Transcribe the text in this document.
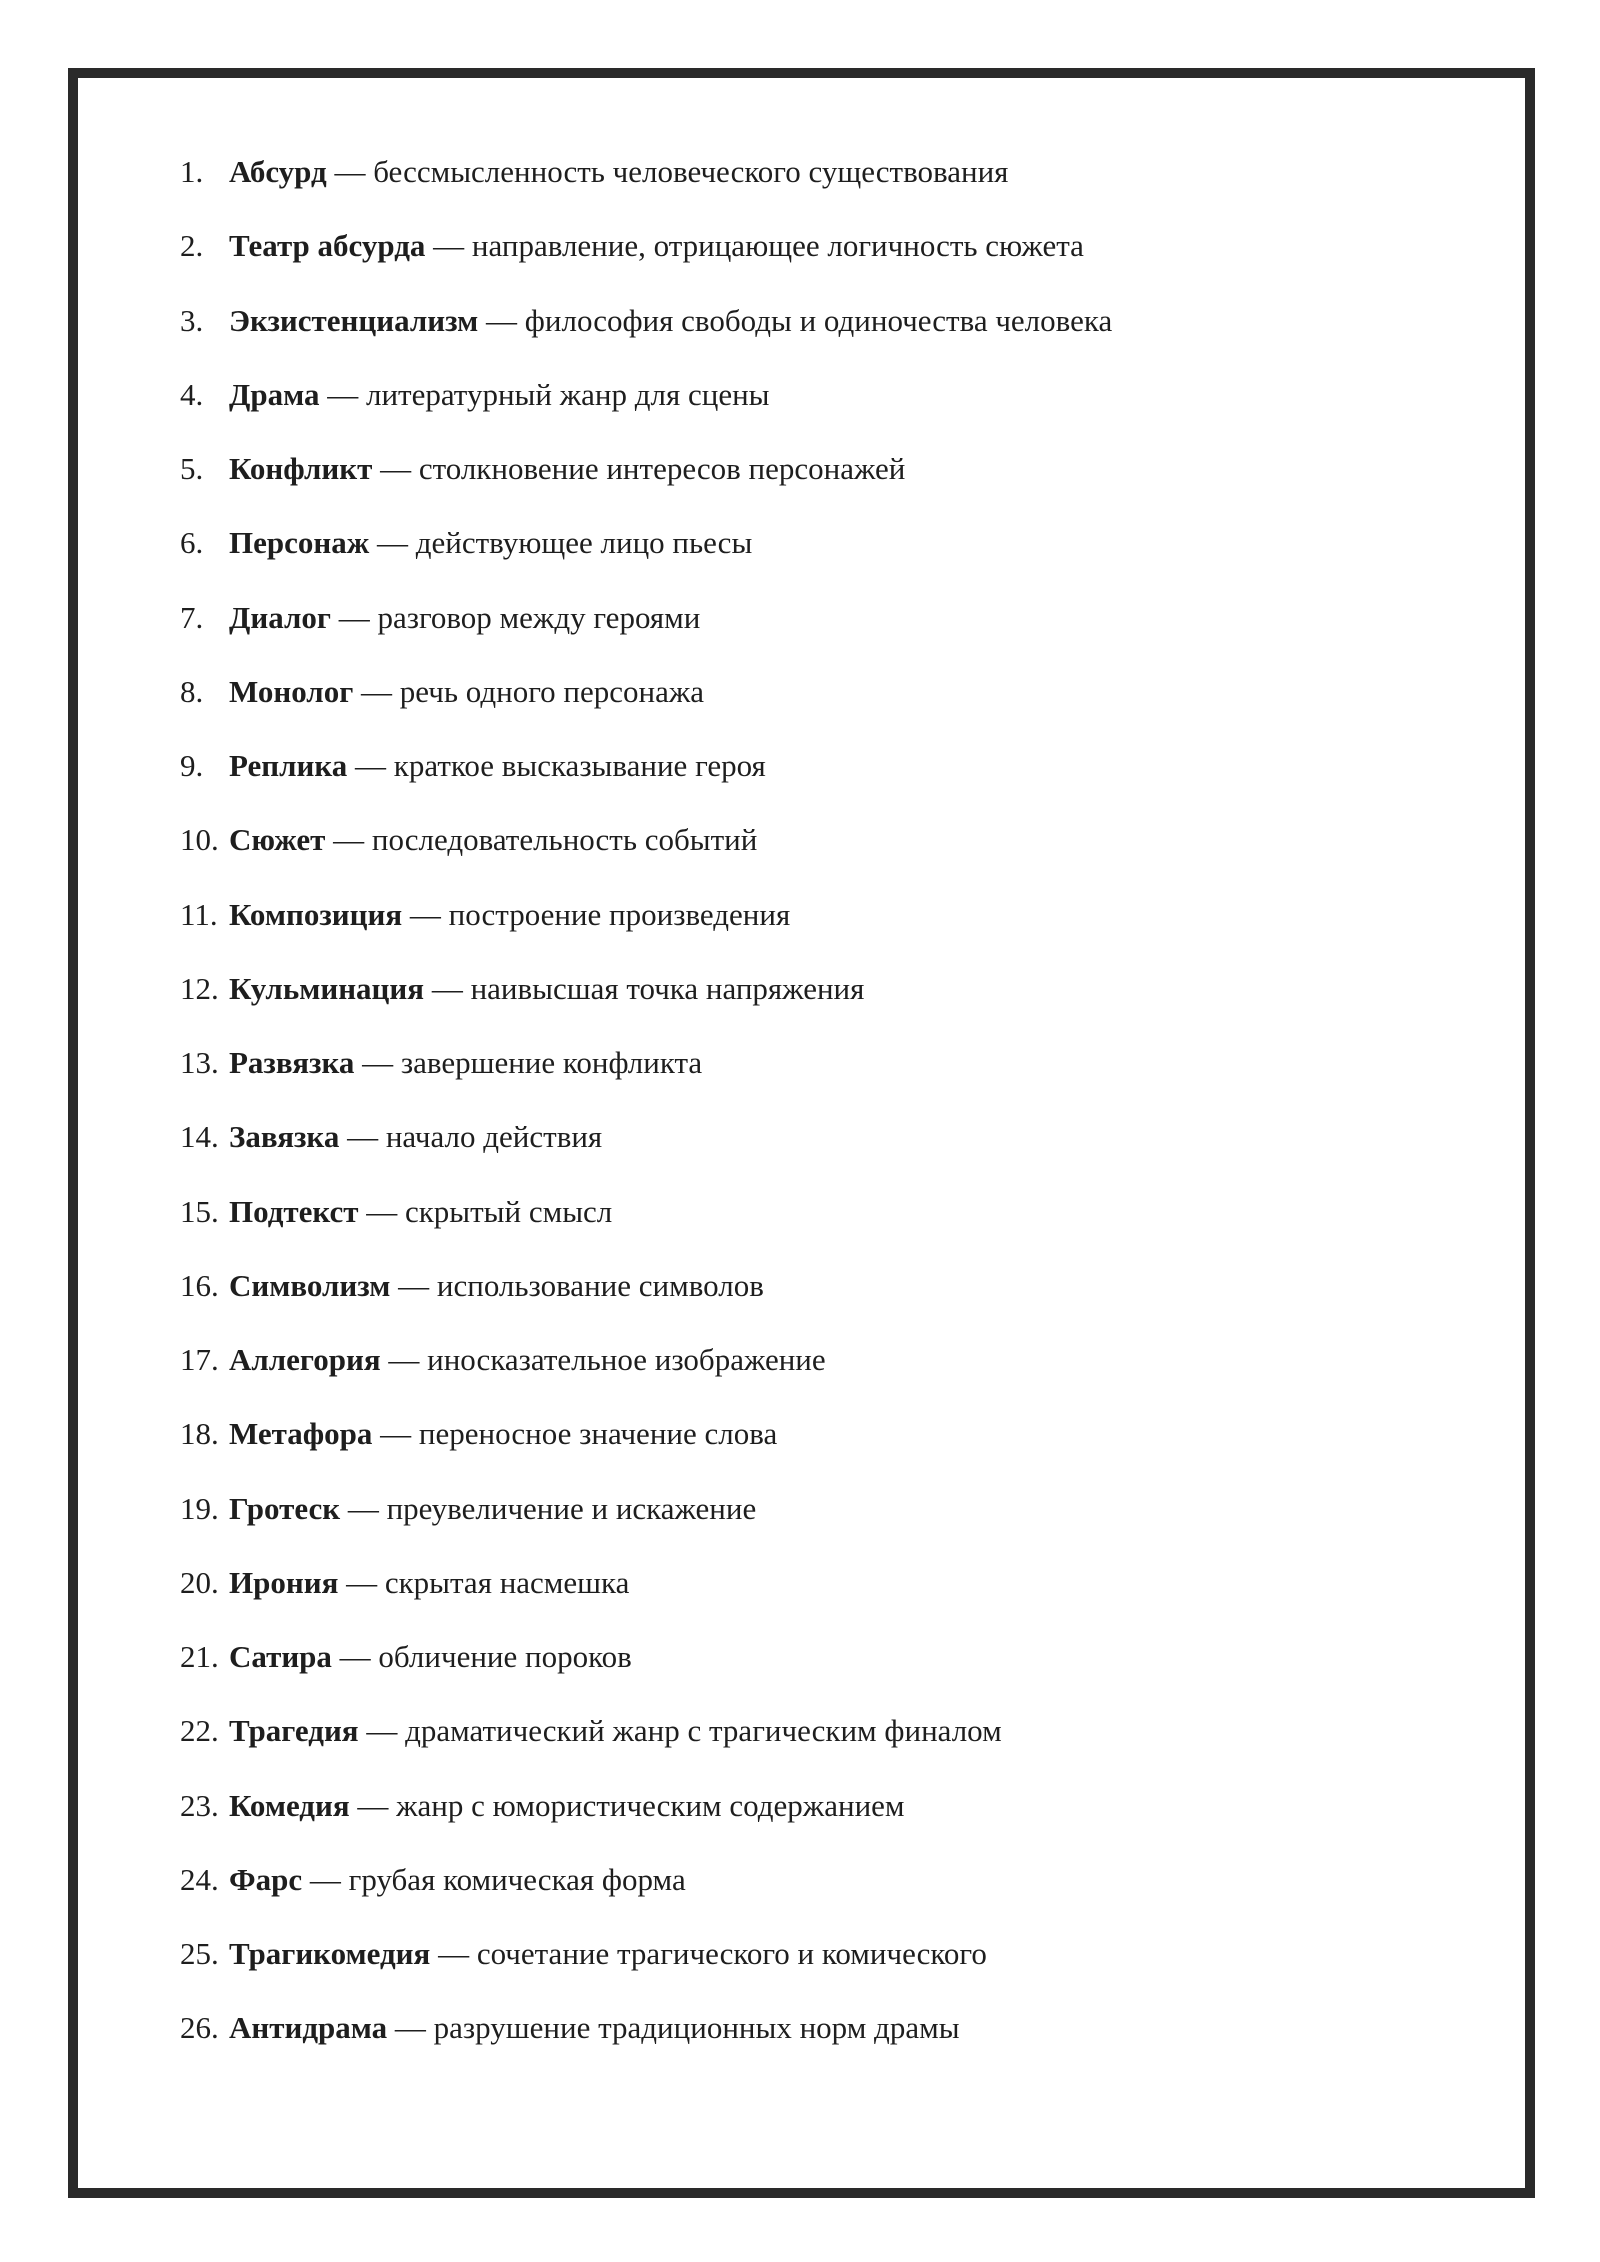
1. Абсурд — бессмысленность человеческого существования
2. Театр абсурда — направление, отрицающее логичность сюжета
3. Экзистенциализм — философия свободы и одиночества человека
4. Драма — литературный жанр для сцены
5. Конфликт — столкновение интересов персонажей
6. Персонаж — действующее лицо пьесы
7. Диалог — разговор между героями
8. Монолог — речь одного персонажа
9. Реплика — краткое высказывание героя
10. Сюжет — последовательность событий
11. Композиция — построение произведения
12. Кульминация — наивысшая точка напряжения
13. Развязка — завершение конфликта
14. Завязка — начало действия
15. Подтекст — скрытый смысл
16. Символизм — использование символов
17. Аллегория — иносказательное изображение
18. Метафора — переносное значение слова
19. Гротеск — преувеличение и искажение
20. Ирония — скрытая насмешка
21. Сатира — обличение пороков
22. Трагедия — драматический жанр с трагическим финалом
23. Комедия — жанр с юмористическим содержанием
24. Фарс — грубая комическая форма
25. Трагикомедия — сочетание трагического и комического
26. Антидрама — разрушение традиционных норм драмы
